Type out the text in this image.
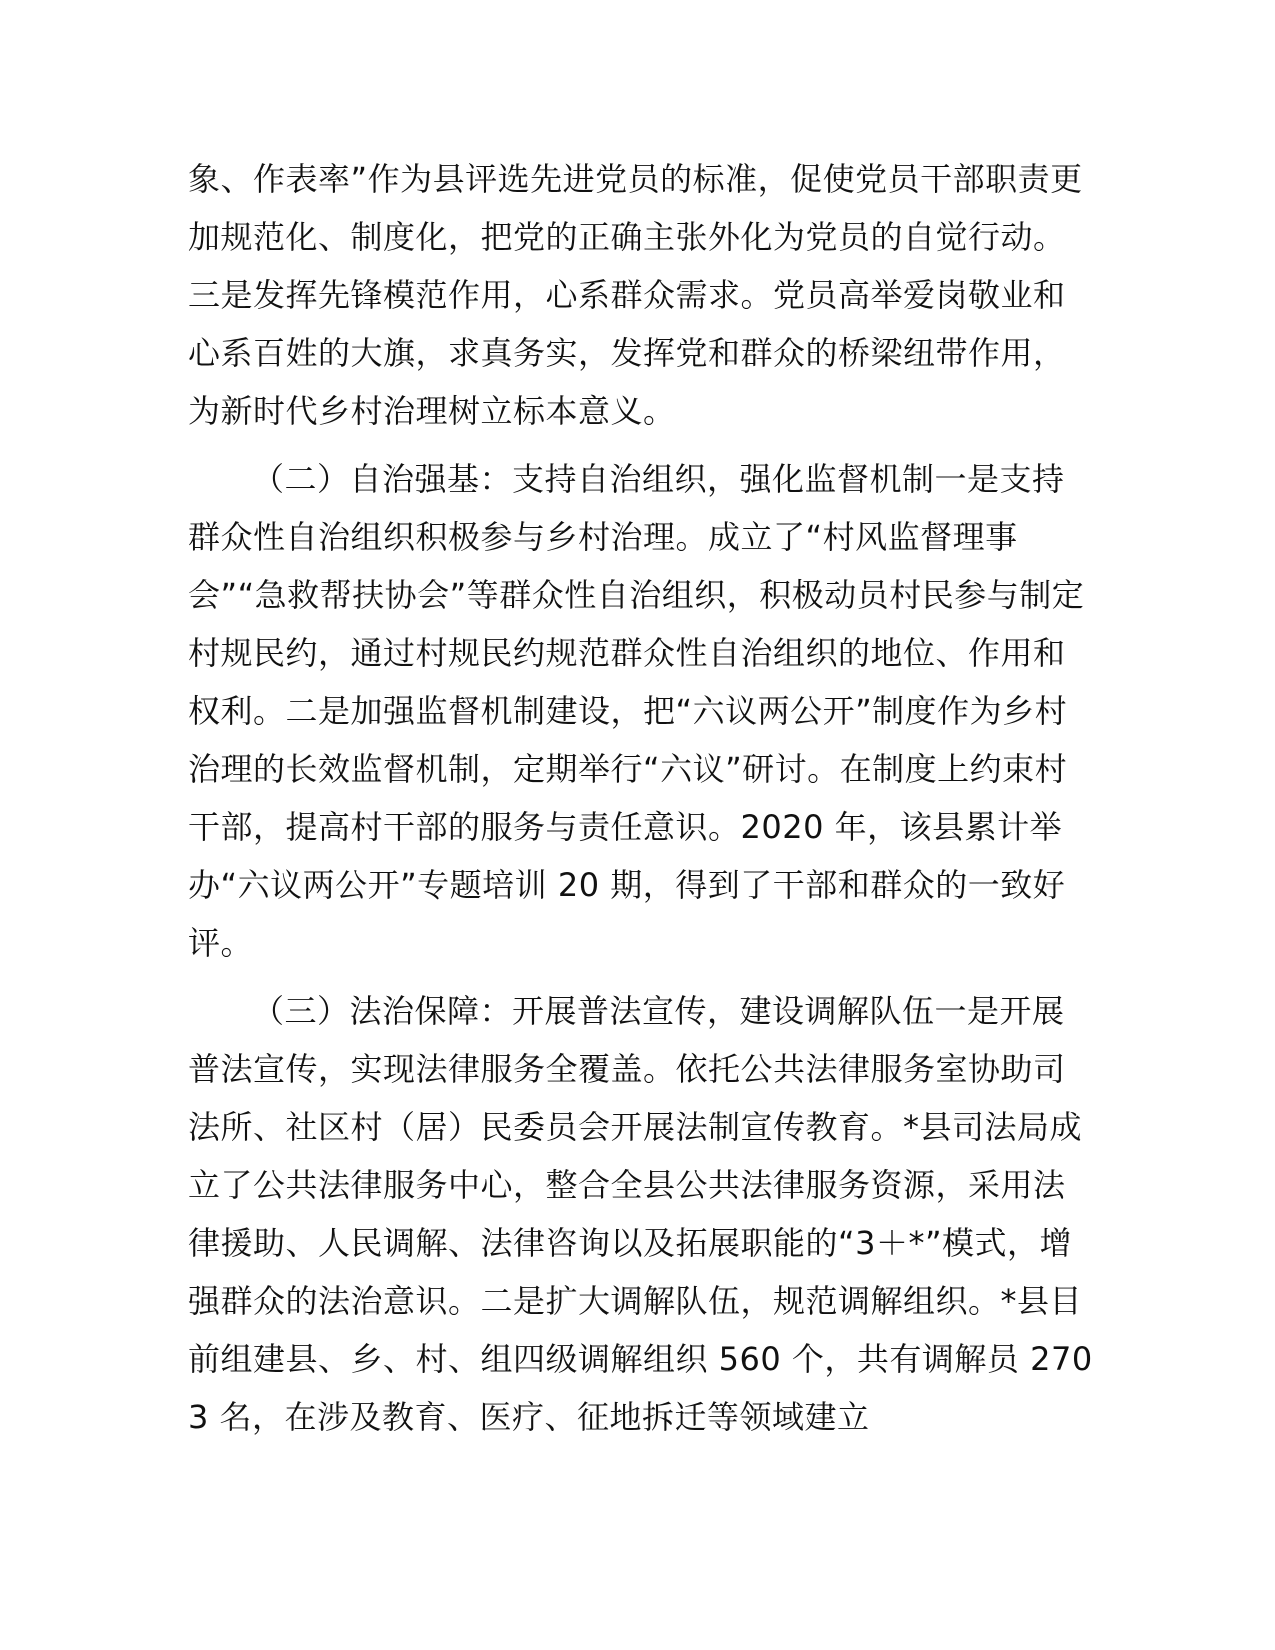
象、作表率”作为县评选先进党员的标准，促使党员干部职责更加规范化、制度化，把党的正确主张外化为党员的自觉行动。三是发挥先锋模范作用，心系群众需求。党员高举爱岗敬业和心系百姓的大旗，求真务实，发挥党和群众的桥梁纽带作用，为新时代乡村治理树立标本意义。

（二）自治强基：支持自治组织，强化监督机制一是支持群众性自治组织积极参与乡村治理。成立了“村风监督理事会”“急救帮扶协会”等群众性自治组织，积极动员村民参与制定村规民约，通过村规民约规范群众性自治组织的地位、作用和权利。二是加强监督机制建设，把“六议两公开”制度作为乡村治理的长效监督机制，定期举行“六议”研讨。在制度上约束村干部，提高村干部的服务与责任意识。2020 年，该县累计举办“六议两公开”专题培训 20 期，得到了干部和群众的一致好评。

（三）法治保障：开展普法宣传，建设调解队伍一是开展普法宣传，实现法律服务全覆盖。依托公共法律服务室协助司法所、社区村（居）民委员会开展法制宣传教育。*县司法局成立了公共法律服务中心，整合全县公共法律服务资源，采用法律援助、人民调解、法律咨询以及拓展职能的“3＋*”模式，增强群众的法治意识。二是扩大调解队伍，规范调解组织。*县目前组建县、乡、村、组四级调解组织 560 个，共有调解员 2703 名，在涉及教育、医疗、征地拆迁等领域建立
